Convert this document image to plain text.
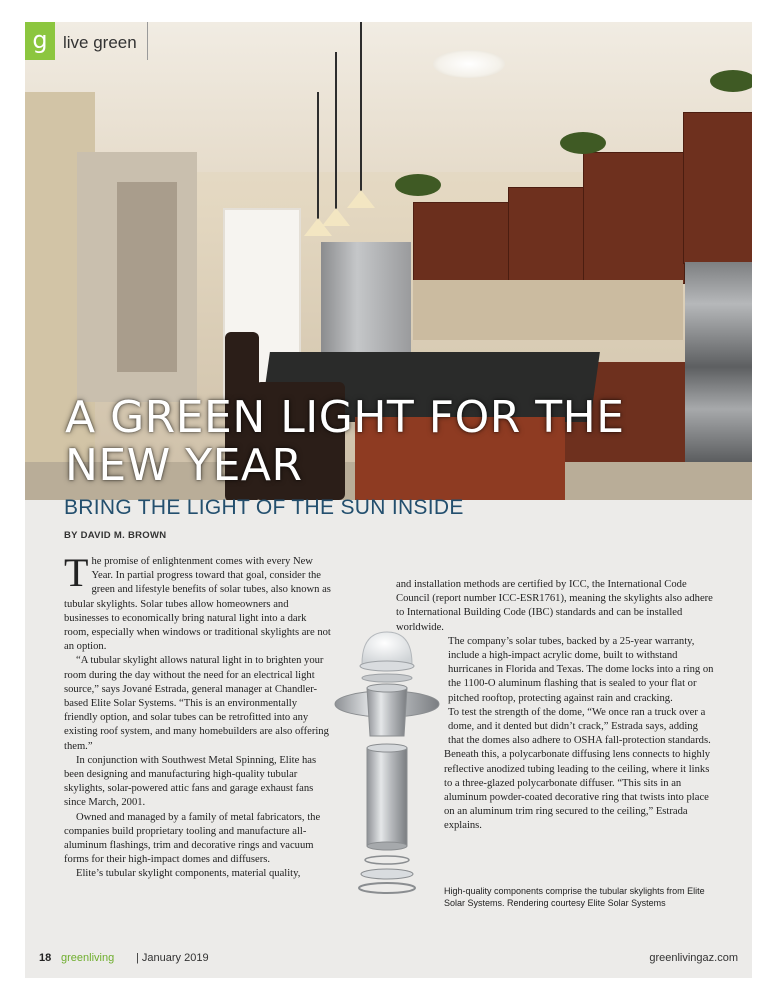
g live green
A GREEN LIGHT FOR THE
NEW YEAR
BRING THE LIGHT OF THE SUN INSIDE
BY DAVID M. BROWN

The promise of enlightenment comes with every New Year. In partial progress toward that goal, consider the green and lifestyle benefits of solar tubes, also known as tubular skylights. Solar tubes allow homeowners and businesses to economically bring natural light into a dark room, especially when windows or traditional skylights are not an option.

“A tubular skylight allows natural light in to brighten your room during the day without the need for an electrical light source,” says Jované Estrada, general manager at Chandler-based Elite Solar Systems. “This is an environmentally friendly option, and solar tubes can be retrofitted into any existing roof system, and many homebuilders are also offering them.”

In conjunction with Southwest Metal Spinning, Elite has been designing and manufacturing high-quality tubular skylights, solar-powered attic fans and garage exhaust fans since March, 2001.

Owned and managed by a family of metal fabricators, the companies build proprietary tooling and manufacture all-aluminum flashings, trim and decorative rings and vacuum forms for their high-impact domes and diffusers.

Elite’s tubular skylight components, material quality,

and installation methods are certified by ICC, the International Code Council (report number ICC-ESR1761), meaning the skylights also adhere to International Building Code (IBC) standards and can be installed worldwide.

The company’s solar tubes, backed by a 25-year warranty, include a high-impact acrylic dome, built to withstand hurricanes in Florida and Texas. The dome locks into a ring on the 1100-O aluminum flashing that is sealed to your flat or pitched rooftop, protecting against rain and cracking.

To test the strength of the dome, “We once ran a truck over a dome, and it dented but didn’t crack,” Estrada says, adding that the domes also adhere to OSHA fall-protection standards.

Beneath this, a polycarbonate diffusing lens connects to highly reflective anodized tubing leading to the ceiling, where it links to a three-glazed polycarbonate diffuser. “This sits in an aluminum powder-coated decorative ring that twists into place on an aluminum trim ring secured to the ceiling,” Estrada explains.

High-quality components comprise the tubular skylights from Elite Solar Systems. Rendering courtesy Elite Solar Systems
18 greenliving | January 2019	greenlivingaz.com
